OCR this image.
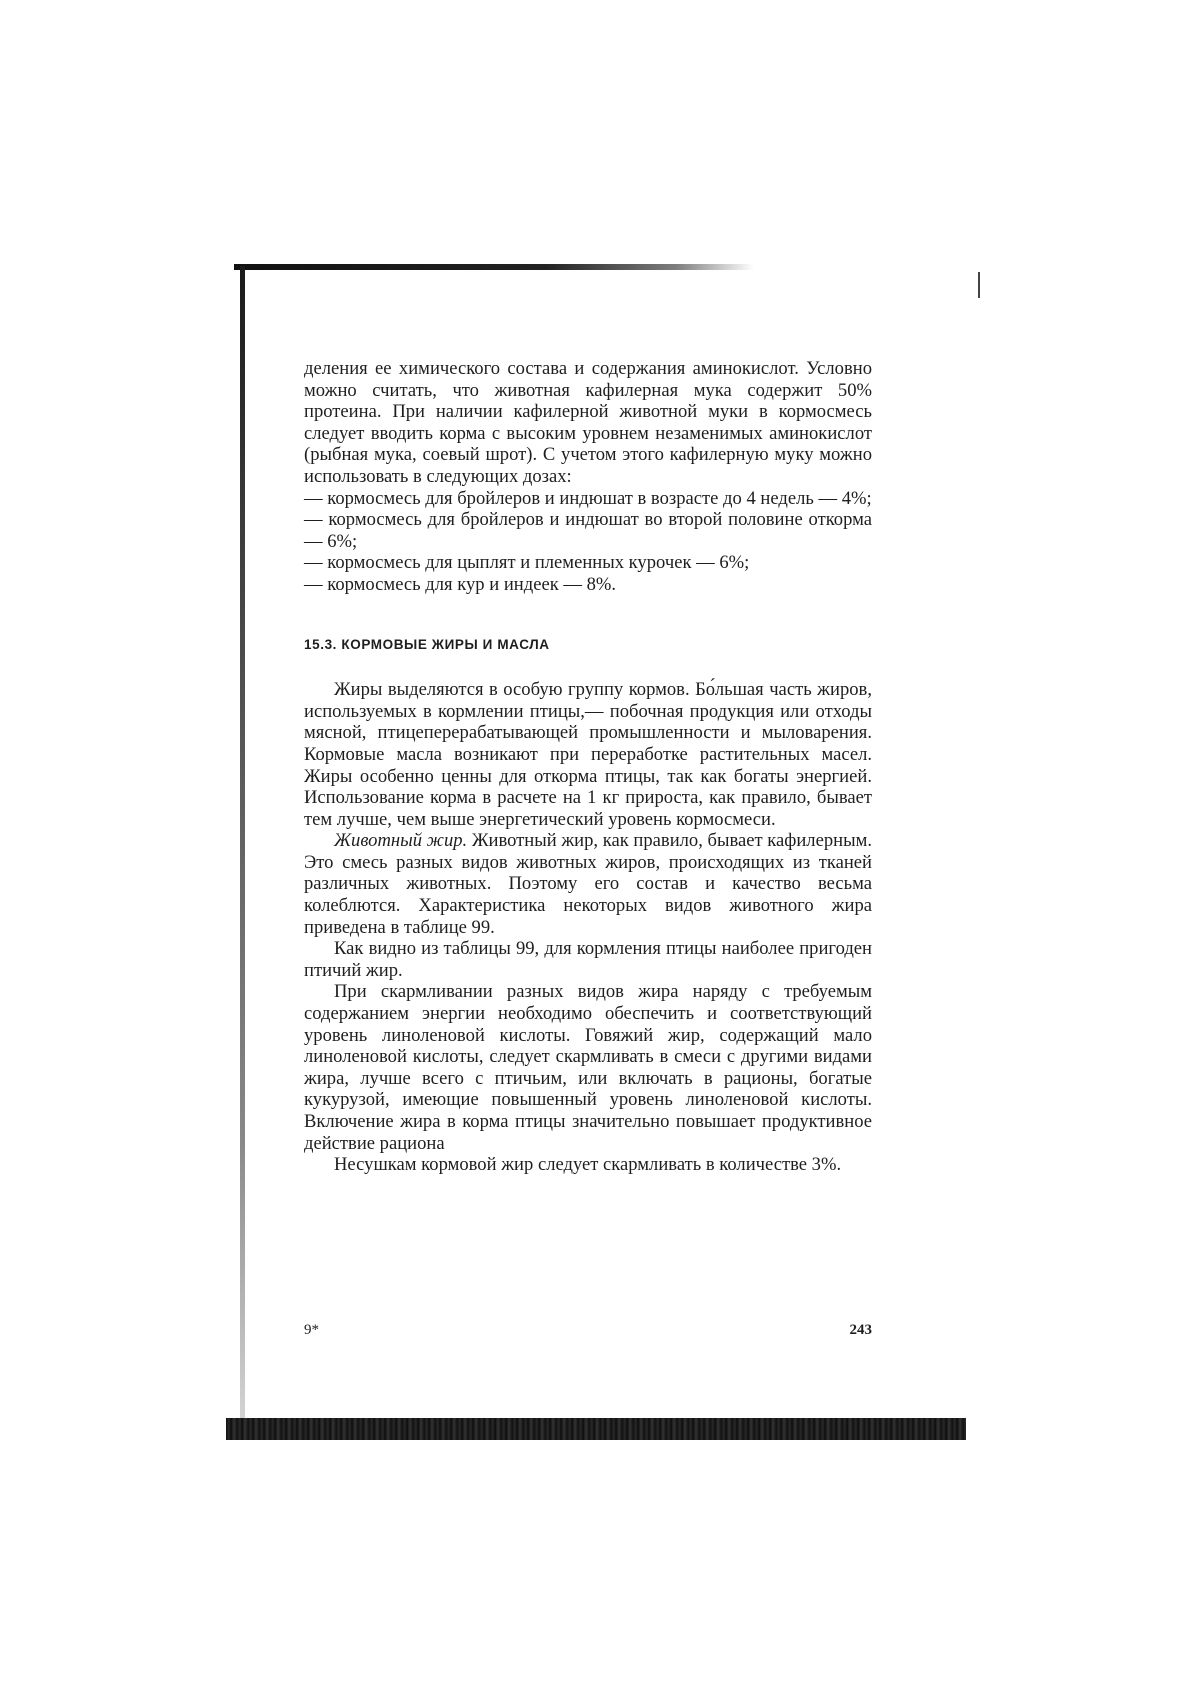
деления ее химического состава и содержания аминокислот. Условно можно считать, что животная кафилерная мука содержит 50% протеина. При наличии кафилерной животной муки в кормосмесь следует вводить корма с высоким уровнем незаменимых аминокислот (рыбная мука, соевый шрот). С учетом этого кафилерную муку можно использовать в следующих дозах:

— кормосмесь для бройлеров и индюшат в возрасте до 4 недель — 4%;

— кормосмесь для бройлеров и индюшат во второй половине откорма — 6%;

— кормосмесь для цыплят и племенных курочек — 6%;

— кормосмесь для кур и индеек — 8%.

15.3. КОРМОВЫЕ ЖИРЫ И МАСЛА

Жиры выделяются в особую группу кормов. Бо́льшая часть жиров, используемых в кормлении птицы,— побочная продукция или отходы мясной, птицеперерабатывающей промышленности и мыловарения. Кормовые масла возникают при переработке растительных масел. Жиры особенно ценны для откорма птицы, так как богаты энергией. Использование корма в расчете на 1 кг прироста, как правило, бывает тем лучше, чем выше энергетический уровень кормосмеси.

Животный жир. Животный жир, как правило, бывает кафилерным. Это смесь разных видов животных жиров, происходящих из тканей различных животных. Поэтому его состав и качество весьма колеблются. Характеристика некоторых видов животного жира приведена в таблице 99.

Как видно из таблицы 99, для кормления птицы наиболее пригоден птичий жир.

При скармливании разных видов жира наряду с требуемым содержанием энергии необходимо обеспечить и соответствующий уровень линоленовой кислоты. Говяжий жир, содержащий мало линоленовой кислоты, следует скармливать в смеси с другими видами жира, лучше всего с птичьим, или включать в рационы, богатые кукурузой, имеющие повышенный уровень линоленовой кислоты. Включение жира в корма птицы значительно повышает продуктивное действие рациона

Несушкам кормовой жир следует скармливать в количестве 3%.

9*	243
